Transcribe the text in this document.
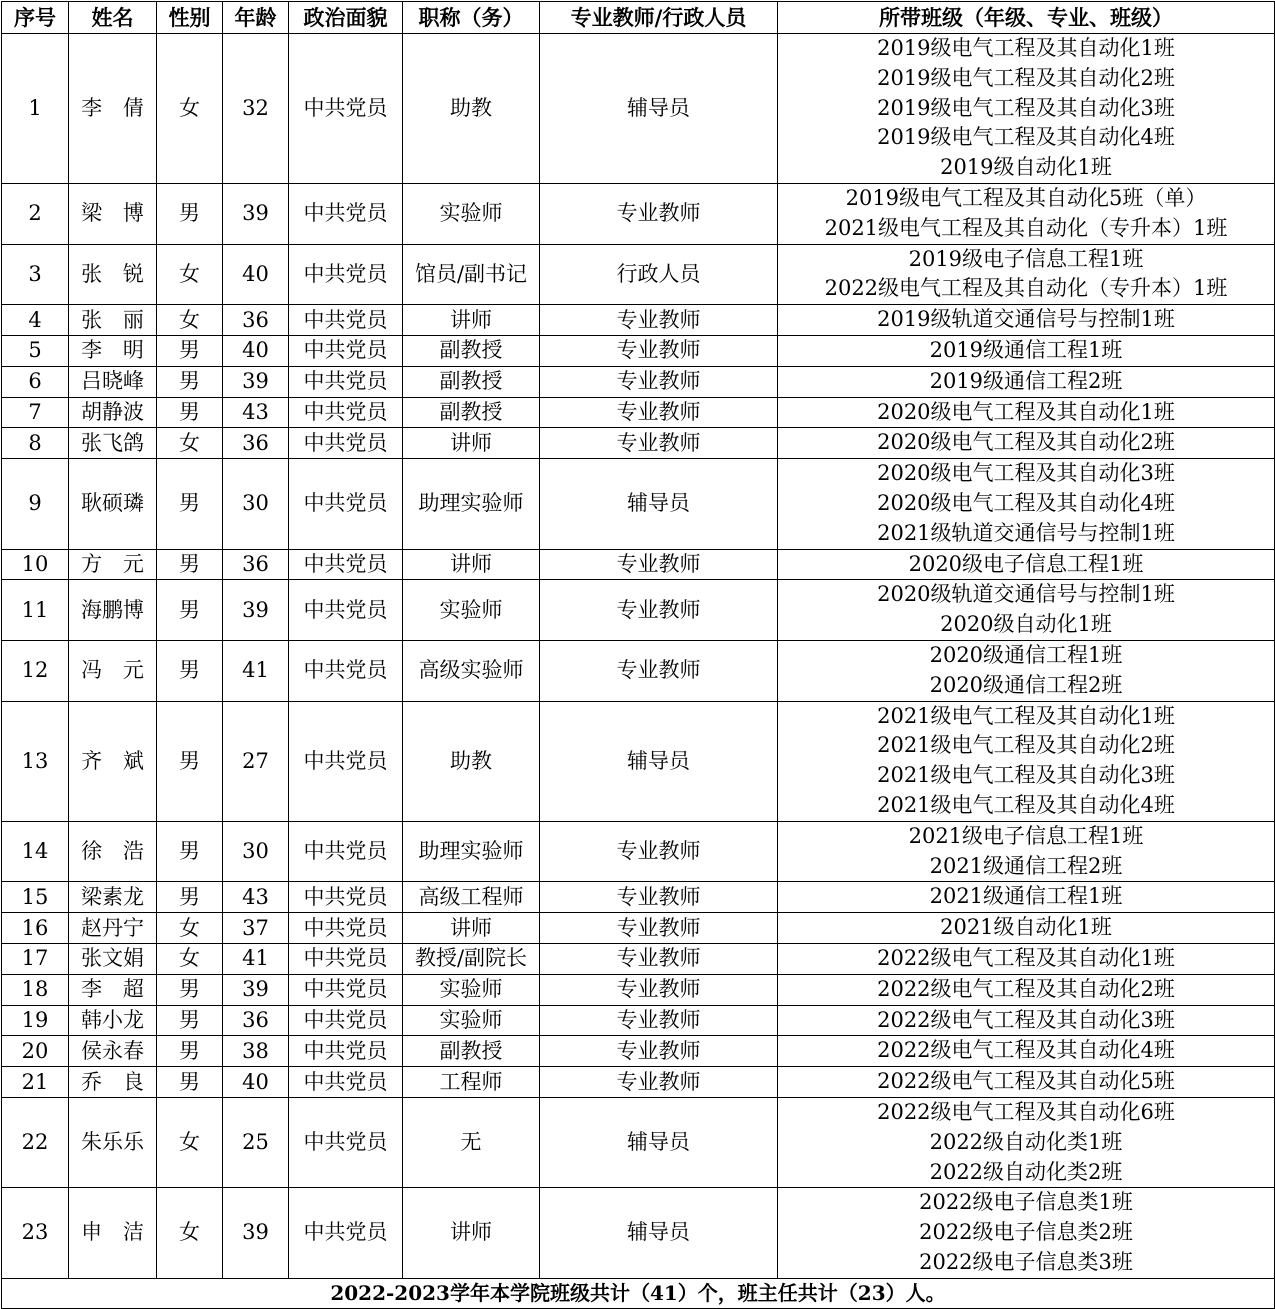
序号	姓名	性别	年龄	政治面貌	职称（务）	专业教师/行政人员	所带班级（年级、专业、班级）
1	李 倩	女	32	中共党员	助教	辅导员	2019级电气工程及其自动化1班
2019级电气工程及其自动化2班
2019级电气工程及其自动化3班
2019级电气工程及其自动化4班
2019级自动化1班

2	梁 博	男	39	中共党员	实验师	专业教师	2019级电气工程及其自动化5班（单）
2021级电气工程及其自动化（专升本）1班

3	张 锐	女	40	中共党员	馆员/副书记	行政人员	2019级电子信息工程1班
2022级电气工程及其自动化（专升本）1班

4	张 丽	女	36	中共党员	讲师	专业教师	2019级轨道交通信号与控制1班

5	李 明	男	40	中共党员	副教授	专业教师	2019级通信工程1班

6	吕晓峰	男	39	中共党员	副教授	专业教师	2019级通信工程2班

7	胡静波	男	43	中共党员	副教授	专业教师	2020级电气工程及其自动化1班

8	张飞鸽	女	36	中共党员	讲师	专业教师	2020级电气工程及其自动化2班

9	耿硕璘	男	30	中共党员	助理实验师	辅导员	2020级电气工程及其自动化3班
2020级电气工程及其自动化4班
2021级轨道交通信号与控制1班

10	方 元	男	36	中共党员	讲师	专业教师	2020级电子信息工程1班

11	海鹏博	男	39	中共党员	实验师	专业教师	2020级轨道交通信号与控制1班
2020级自动化1班

12	冯 元	男	41	中共党员	高级实验师	专业教师	2020级通信工程1班
2020级通信工程2班

13	齐 斌	男	27	中共党员	助教	辅导员	2021级电气工程及其自动化1班
2021级电气工程及其自动化2班
2021级电气工程及其自动化3班
2021级电气工程及其自动化4班

14	徐 浩	男	30	中共党员	助理实验师	专业教师	2021级电子信息工程1班
2021级通信工程2班

15	梁素龙	男	43	中共党员	高级工程师	专业教师	2021级通信工程1班

16	赵丹宁	女	37	中共党员	讲师	专业教师	2021级自动化1班

17	张文娟	女	41	中共党员	教授/副院长	专业教师	2022级电气工程及其自动化1班

18	李 超	男	39	中共党员	实验师	专业教师	2022级电气工程及其自动化2班

19	韩小龙	男	36	中共党员	实验师	专业教师	2022级电气工程及其自动化3班

20	侯永春	男	38	中共党员	副教授	专业教师	2022级电气工程及其自动化4班

21	乔 良	男	40	中共党员	工程师	专业教师	2022级电气工程及其自动化5班

22	朱乐乐	女	25	中共党员	无	辅导员	2022级电气工程及其自动化6班
2022级自动化类1班
2022级自动化类2班

23	申 洁	女	39	中共党员	讲师	辅导员	2022级电子信息类1班
2022级电子信息类2班
2022级电子信息类3班

2022-2023学年本学院班级共计（41）个，班主任共计（23）人。							
